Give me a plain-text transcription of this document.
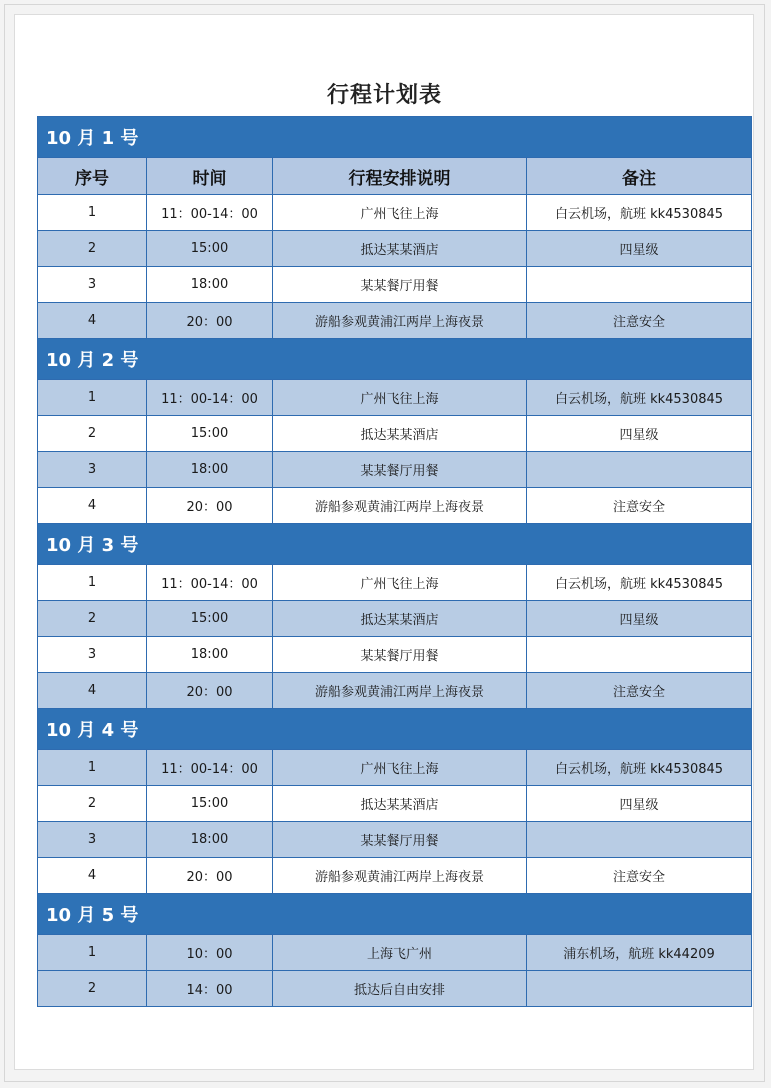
行程计划表
10 月 1 号			
序号	时间	行程安排说明	备注
1	11：00-14：00	广州飞往上海	白云机场，航班 kk4530845
2	15:00	抵达某某酒店	四星级
3	18:00	某某餐厅用餐	
4	20：00	游船参观黄浦江两岸上海夜景	注意安全
10 月 2 号			
1	11：00-14：00	广州飞往上海	白云机场，航班 kk4530845
2	15:00	抵达某某酒店	四星级
3	18:00	某某餐厅用餐	
4	20：00	游船参观黄浦江两岸上海夜景	注意安全
10 月 3 号			
1	11：00-14：00	广州飞往上海	白云机场，航班 kk4530845
2	15:00	抵达某某酒店	四星级
3	18:00	某某餐厅用餐	
4	20：00	游船参观黄浦江两岸上海夜景	注意安全
10 月 4 号			
1	11：00-14：00	广州飞往上海	白云机场，航班 kk4530845
2	15:00	抵达某某酒店	四星级
3	18:00	某某餐厅用餐	
4	20：00	游船参观黄浦江两岸上海夜景	注意安全
10 月 5 号			
1	10：00	上海飞广州	浦东机场，航班 kk44209
2	14：00	抵达后自由安排	
